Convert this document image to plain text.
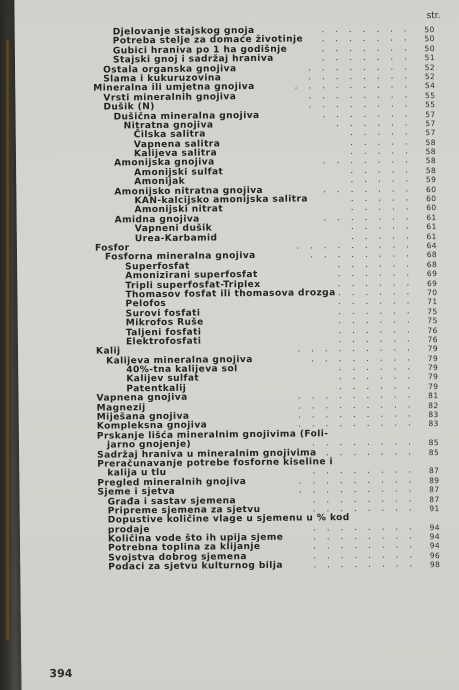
str.
Djelovanje stajskog gnoja	. . . . . . .	50
Potreba stelje za domaće životinje . . . . . . .	50
Gubici hraniva po 1 ha godišnje	. . . . . . .	50
Stajski gnoj i sadržaj hraniva	. . . . . . .	51
Ostala organska gnojiva	. . . . . . . .	52
Slama i kukuruzovina	. . . . . . . .	52
Mineralna ili umjetna gnojiva	. . . . . . . . .	54
Vrsti mineralnih gnojiva	. . . . . . . .	55
Dušik (N)	. . . . . . . .	55
Dušična mineralna gnojiva	. . . . . . .	57
Nitratna gnojiva	. . . . . .	57
Čilska salitra	. . . . .	57
Vapnena salitra	. . . . .	58
Kalijeva salitra	. . . . .	58
Amonijska gnojiva	. . . . . . .	58
Amonijski sulfat	. . . . .	58
Amonijak	. . . . .	59
Amonijsko nitratna gnojiva	. . . . . . .	60
KAN-kalcijsko amonijska salitra	. . . . .	60
Amonijski nitrat	. . . . .	60
Amidna gnojiva	. . . . . . .	61
Vapneni dušik	. . . . .	61
Urea-Karbamid	. . . . .	61
Fosfor	. . . . . . . . .	64
Fosforna mineralna gnojiva	. . . . . . . .	68
Superfosfat	. . . . . .	68
Amonizirani superfosfat	. . . . . .	69
Tripli superfosfat-Triplex	. . . . . .	69
Thomasov fosfat ili thomasova drozga . . . . . .	70
Pelofos	. . . . . .	71
Surovi fosfati	. . . . . .	75
Mikrofos Ruše	. . . . . .	75
Taljeni fosfati	. . . . . .	76
Elektrofosfati	. . . . . .	76
Kalij	. . . . . . . . .	79
Kalijeva mineralna gnojiva	. . . . . . . .	79
40%-tna kalijeva sol	. . . . . .	79
Kalijev sulfat	. . . . . .	79
Patentkalij	. . . . . .	79
Vapnena gnojiva	. . . . . . . . .	81
Magnezij	. . . . . . . . .	82
Miješana gnojiva	. . . . . . . . .	83
Kompleksna gnojiva	. . . . . . . . .	83
Prskanje lišća mineralnim gnojivima (Foli-
jarno gnojenje)	. . . . . . . .	85
Sadržaj hraniva u mineralnim gnojivima
. . . . . . . . .	85
Preračunavanje potrebe fosforne kiseline i
kalija u tlu	. . . . . . . .	87
Pregled mineralnih gnojiva	. . . . . . . . .	89
Sjeme i sjetva	. . . . . . . . .	87
Građa i sastav sjemena	. . . . . . . .	87
Pripreme sjemena za sjetvu	. . . . . . . .	91
Dopustive količine vlage u sjemenu u % kod
prodaje	. . . . . . . .	94
Količina vode što ih upija sjeme	. . . . . . . .	94
Potrebna toplina za klijanje	. . . . . . . .	94
Svojstva dobrog sjemena	. . . . . . . .	96
Podaci za sjetvu kulturnog bilja	. . . . . . . .	98
394
